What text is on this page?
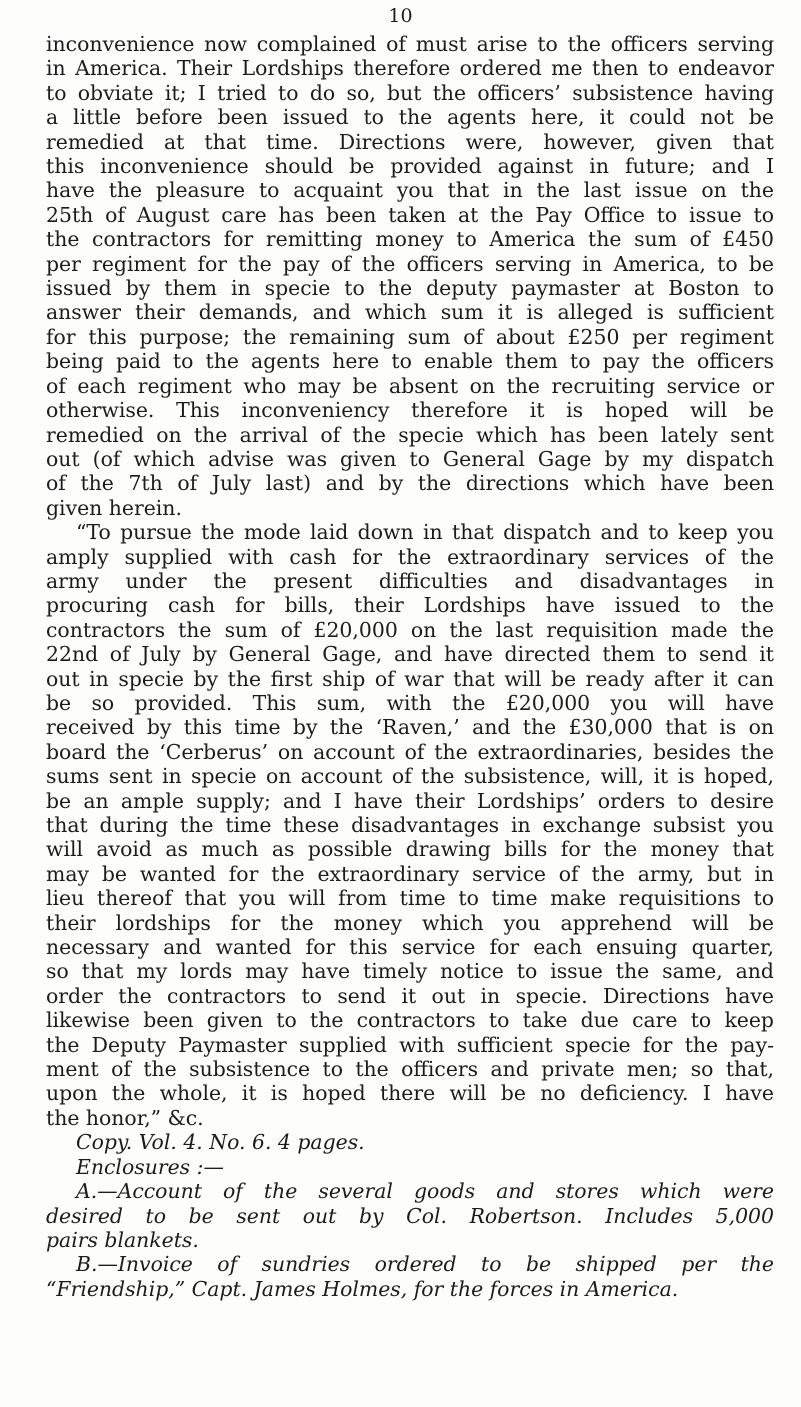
10
inconvenience now complained of must arise to the officers serving
in America. Their Lordships therefore ordered me then to endeavor
to obviate it; I tried to do so, but the officers’ subsistence having
a little before been issued to the agents here, it could not be
remedied at that time. Directions were, however, given that
this inconvenience should be provided against in future; and I
have the pleasure to acquaint you that in the last issue on the
25th of August care has been taken at the Pay Office to issue to
the contractors for remitting money to America the sum of £450
per regiment for the pay of the officers serving in America, to be
issued by them in specie to the deputy paymaster at Boston to
answer their demands, and which sum it is alleged is sufficient
for this purpose; the remaining sum of about £250 per regiment
being paid to the agents here to enable them to pay the officers
of each regiment who may be absent on the recruiting service or
otherwise. This inconveniency therefore it is hoped will be
remedied on the arrival of the specie which has been lately sent
out (of which advise was given to General Gage by my dispatch
of the 7th of July last) and by the directions which have been
given herein.
“To pursue the mode laid down in that dispatch and to keep you
amply supplied with cash for the extraordinary services of the
army under the present difficulties and disadvantages in
procuring cash for bills, their Lordships have issued to the
contractors the sum of £20,000 on the last requisition made the
22nd of July by General Gage, and have directed them to send it
out in specie by the first ship of war that will be ready after it can
be so provided. This sum, with the £20,000 you will have
received by this time by the ‘Raven,’ and the £30,000 that is on
board the ‘Cerberus’ on account of the extraordinaries, besides the
sums sent in specie on account of the subsistence, will, it is hoped,
be an ample supply; and I have their Lordships’ orders to desire
that during the time these disadvantages in exchange subsist you
will avoid as much as possible drawing bills for the money that
may be wanted for the extraordinary service of the army, but in
lieu thereof that you will from time to time make requisitions to
their lordships for the money which you apprehend will be
necessary and wanted for this service for each ensuing quarter,
so that my lords may have timely notice to issue the same, and
order the contractors to send it out in specie. Directions have
likewise been given to the contractors to take due care to keep
the Deputy Paymaster supplied with sufficient specie for the pay-
ment of the subsistence to the officers and private men; so that,
upon the whole, it is hoped there will be no deficiency. I have
the honor,” &c.
Copy. Vol. 4. No. 6. 4 pages.
Enclosures :—
A.—Account of the several goods and stores which were
desired to be sent out by Col. Robertson. Includes 5,000
pairs blankets.
B.—Invoice of sundries ordered to be shipped per the
“Friendship,” Capt. James Holmes, for the forces in America.
